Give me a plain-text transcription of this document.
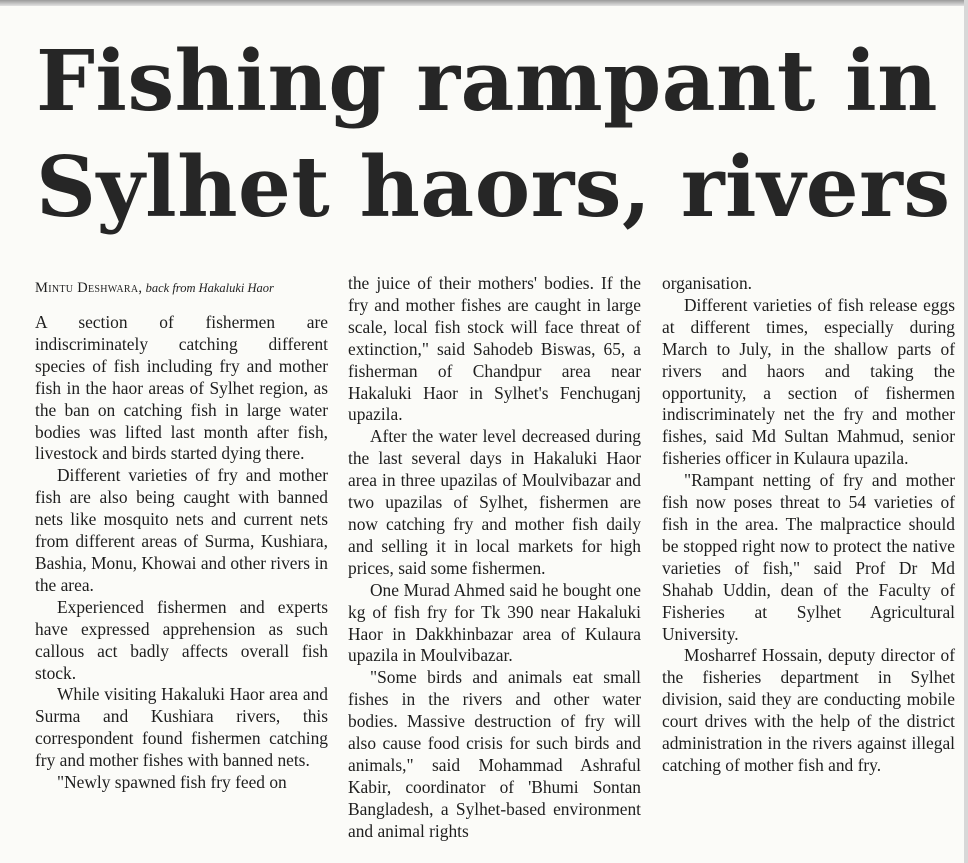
Fishing rampant in
Sylhet haors, rivers
Mintu Deshwara, back from Hakaluki Haor

A section of fishermen are indiscriminately catching different species of fish including fry and mother fish in the haor areas of Sylhet region, as the ban on catching fish in large water bodies was lifted last month after fish, livestock and birds started dying there.

Different varieties of fry and mother fish are also being caught with banned nets like mosquito nets and current nets from different areas of Surma, Kushiara, Bashia, Monu, Khowai and other rivers in the area.

Experienced fishermen and experts have expressed apprehension as such callous act badly affects overall fish stock.

While visiting Hakaluki Haor area and Surma and Kushiara rivers, this correspondent found fishermen catching fry and mother fishes with banned nets.

"Newly spawned fish fry feed on

the juice of their mothers' bodies. If the fry and mother fishes are caught in large scale, local fish stock will face threat of extinction," said Sahodeb Biswas, 65, a fisherman of Chandpur area near Hakaluki Haor in Sylhet's Fenchuganj upazila.

After the water level decreased during the last several days in Hakaluki Haor area in three upazilas of Moulvibazar and two upazilas of Sylhet, fishermen are now catching fry and mother fish daily and selling it in local markets for high prices, said some fishermen.

One Murad Ahmed said he bought one kg of fish fry for Tk 390 near Hakaluki Haor in Dakkhinbazar area of Kulaura upazila in Moulvibazar.

"Some birds and animals eat small fishes in the rivers and other water bodies. Massive destruction of fry will also cause food crisis for such birds and animals," said Mohammad Ashraful Kabir, coordinator of 'Bhumi Sontan Bangladesh, a Sylhet-based environment and animal rights

organisation.

Different varieties of fish release eggs at different times, especially during March to July, in the shallow parts of rivers and haors and taking the opportunity, a section of fishermen indiscriminately net the fry and mother fishes, said Md Sultan Mahmud, senior fisheries officer in Kulaura upazila.

"Rampant netting of fry and mother fish now poses threat to 54 varieties of fish in the area. The malpractice should be stopped right now to protect the native varieties of fish," said Prof Dr Md Shahab Uddin, dean of the Faculty of Fisheries at Sylhet Agricultural University.

Mosharref Hossain, deputy director of the fisheries department in Sylhet division, said they are conducting mobile court drives with the help of the district administration in the rivers against illegal catching of mother fish and fry.
